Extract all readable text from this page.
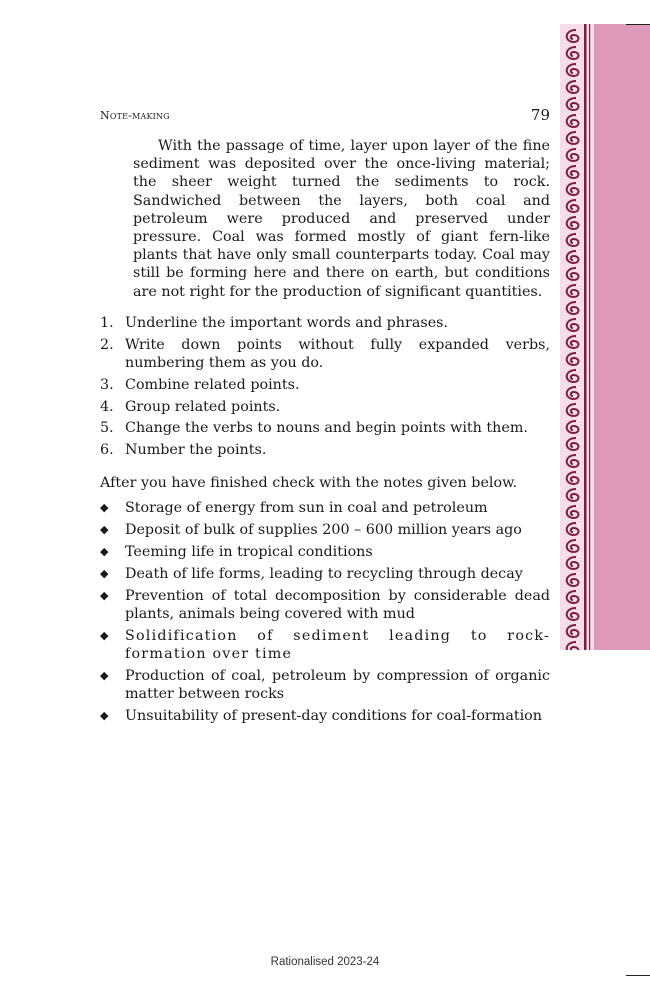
Note-making	79

With the passage of time, layer upon layer of the fine sediment was deposited over the once-living material; the sheer weight turned the sediments to rock. Sandwiched between the layers, both coal and petroleum were produced and preserved under pressure. Coal was formed mostly of giant fern-like plants that have only small counterparts today. Coal may still be forming here and there on earth, but conditions are not right for the production of significant quantities.

1. Underline the important words and phrases.
2. Write down points without fully expanded verbs, numbering them as you do.
3. Combine related points.
4. Group related points.
5. Change the verbs to nouns and begin points with them.
6. Number the points.

After you have finished check with the notes given below.

◆ Storage of energy from sun in coal and petroleum
◆ Deposit of bulk of supplies 200 – 600 million years ago
◆ Teeming life in tropical conditions
◆ Death of life forms, leading to recycling through decay
◆ Prevention of total decomposition by considerable dead plants, animals being covered with mud
◆ Solidification of sediment leading to rock-formation over time
◆ Production of coal, petroleum by compression of organic matter between rocks
◆ Unsuitability of present-day conditions for coal-formation
Rationalised 2023-24
